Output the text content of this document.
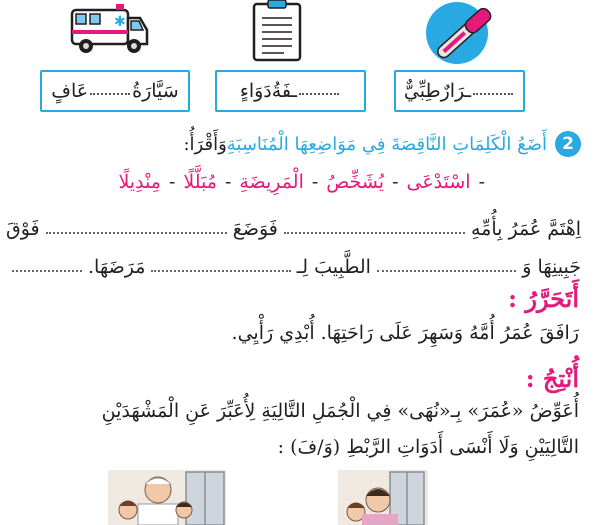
✱
سَيَّارَةُ
عَافٍ	ـفَةُ
دَوَاءٍ	ـرَارٌ
طِبِّيٌّ
2
أَضَعُ الْكَلِمَاتِ النَّاقِصَةَ فِي مَوَاضِعِهَا الْمُنَاسِبَةِ
وَأَقْرَأُ:
-
اسْتَدْعَى
-
يُشَخِّصُ
-
الْمَرِيضَةِ
-
مُبَلَّلًا
-
مِنْدِيلًا
اِهْتَمَّ عُمَرُ بِأُمِّهِ
فَوَضَعَ
فَوْقَ
جَبِينِهَا وَ
الطَّبِيبَ لِـ
مَرَضَهَا.
أَتَحَرَّرُ :
رَافَقَ عُمَرُ أُمَّهُ وَسَهِرَ عَلَى رَاحَتِهَا. أُبْدِي رَأْيِي.
أُنْتِجُ :
أُعَوِّضُ «عُمَرَ» بِـ«نُهَى» فِي الْجُمَلِ التَّالِيَةِ لِأُعَبِّرَ عَنِ الْمَشْهَدَيْنِ
التَّالِيَيْنِ وَلَا أَنْسَى أَدَوَاتِ الرَّبْطِ (وَ/فَ) :
